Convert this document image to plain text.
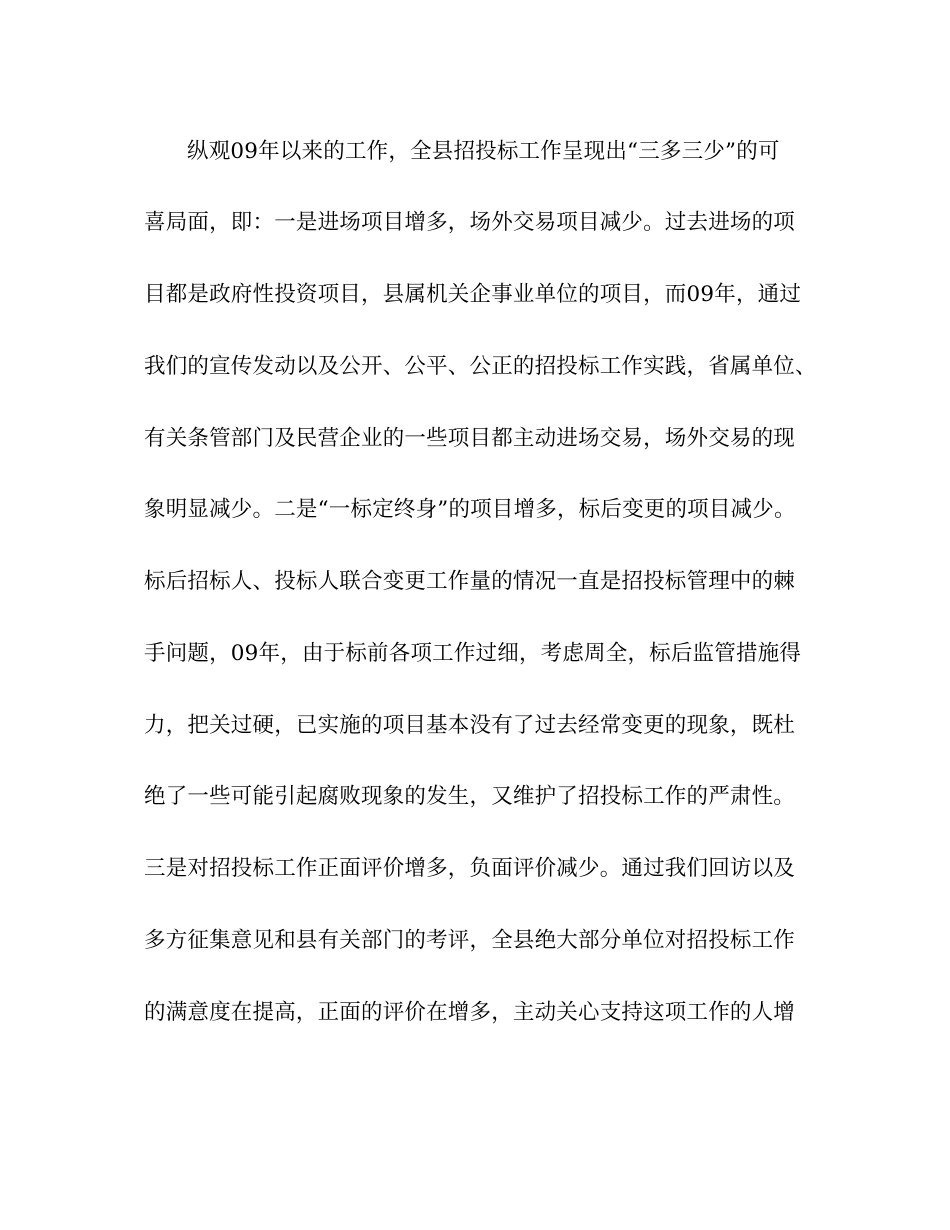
纵观09年以来的工作，全县招投标工作呈现出“三多三少”的可
喜局面，即：一是进场项目增多，场外交易项目减少。过去进场的项
目都是政府性投资项目，县属机关企事业单位的项目，而09年，通过
我们的宣传发动以及公开、公平、公正的招投标工作实践，省属单位、
有关条管部门及民营企业的一些项目都主动进场交易，场外交易的现
象明显减少。二是“一标定终身”的项目增多，标后变更的项目减少。
标后招标人、投标人联合变更工作量的情况一直是招投标管理中的棘
手问题，09年，由于标前各项工作过细，考虑周全，标后监管措施得
力，把关过硬，已实施的项目基本没有了过去经常变更的现象，既杜
绝了一些可能引起腐败现象的发生，又维护了招投标工作的严肃性。
三是对招投标工作正面评价增多，负面评价减少。通过我们回访以及
多方征集意见和县有关部门的考评，全县绝大部分单位对招投标工作
的满意度在提高，正面的评价在增多，主动关心支持这项工作的人增
